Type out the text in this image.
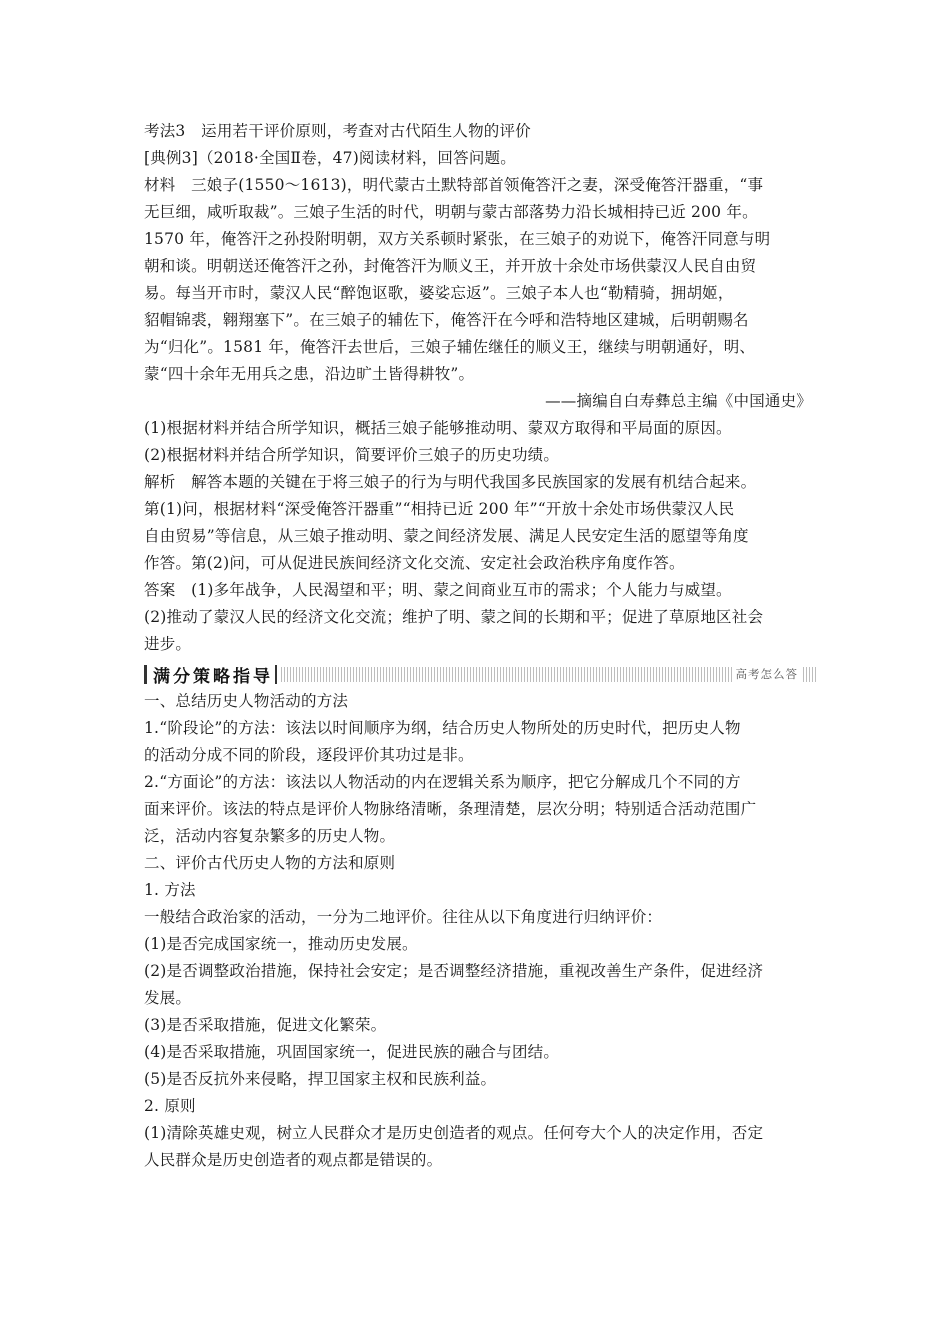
考法3　运用若干评价原则，考查对古代陌生人物的评价
[典例3]（2018·全国Ⅱ卷，47)阅读材料，回答问题。
材料　三娘子(1550～1613)，明代蒙古土默特部首领俺答汗之妻，深受俺答汗器重，“事
无巨细，咸听取裁”。三娘子生活的时代，明朝与蒙古部落势力沿长城相持已近 200 年。
1570 年，俺答汗之孙投附明朝，双方关系顿时紧张，在三娘子的劝说下，俺答汗同意与明
朝和谈。明朝送还俺答汗之孙，封俺答汗为顺义王，并开放十余处市场供蒙汉人民自由贸
易。每当开市时，蒙汉人民“醉饱讴歌，婆娑忘返”。三娘子本人也“勒精骑，拥胡姬，
貂帽锦裘，翱翔塞下”。在三娘子的辅佐下，俺答汗在今呼和浩特地区建城，后明朝赐名
为“归化”。1581 年，俺答汗去世后，三娘子辅佐继任的顺义王，继续与明朝通好，明、
蒙“四十余年无用兵之患，沿边旷土皆得耕牧”。
——摘编自白寿彝总主编《中国通史》
(1)根据材料并结合所学知识，概括三娘子能够推动明、蒙双方取得和平局面的原因。
(2)根据材料并结合所学知识，简要评价三娘子的历史功绩。
解析　解答本题的关键在于将三娘子的行为与明代我国多民族国家的发展有机结合起来。
第(1)问，根据材料“深受俺答汗器重”“相持已近 200 年”“开放十余处市场供蒙汉人民
自由贸易”等信息，从三娘子推动明、蒙之间经济发展、满足人民安定生活的愿望等角度
作答。第(2)问，可从促进民族间经济文化交流、安定社会政治秩序角度作答。
答案　(1)多年战争，人民渴望和平；明、蒙之间商业互市的需求；个人能力与威望。
(2)推动了蒙汉人民的经济文化交流；维护了明、蒙之间的长期和平；促进了草原地区社会
进步。
满分策略指导	高考怎么答
一、总结历史人物活动的方法
1.“阶段论”的方法：该法以时间顺序为纲，结合历史人物所处的历史时代，把历史人物
的活动分成不同的阶段，逐段评价其功过是非。
2.“方面论”的方法：该法以人物活动的内在逻辑关系为顺序，把它分解成几个不同的方
面来评价。该法的特点是评价人物脉络清晰，条理清楚，层次分明；特别适合活动范围广
泛，活动内容复杂繁多的历史人物。
二、评价古代历史人物的方法和原则
1. 方法
一般结合政治家的活动，一分为二地评价。往往从以下角度进行归纳评价：
(1)是否完成国家统一，推动历史发展。
(2)是否调整政治措施，保持社会安定；是否调整经济措施，重视改善生产条件，促进经济
发展。
(3)是否采取措施，促进文化繁荣。
(4)是否采取措施，巩固国家统一，促进民族的融合与团结。
(5)是否反抗外来侵略，捍卫国家主权和民族利益。
2. 原则
(1)清除英雄史观，树立人民群众才是历史创造者的观点。任何夸大个人的决定作用，否定
人民群众是历史创造者的观点都是错误的。
